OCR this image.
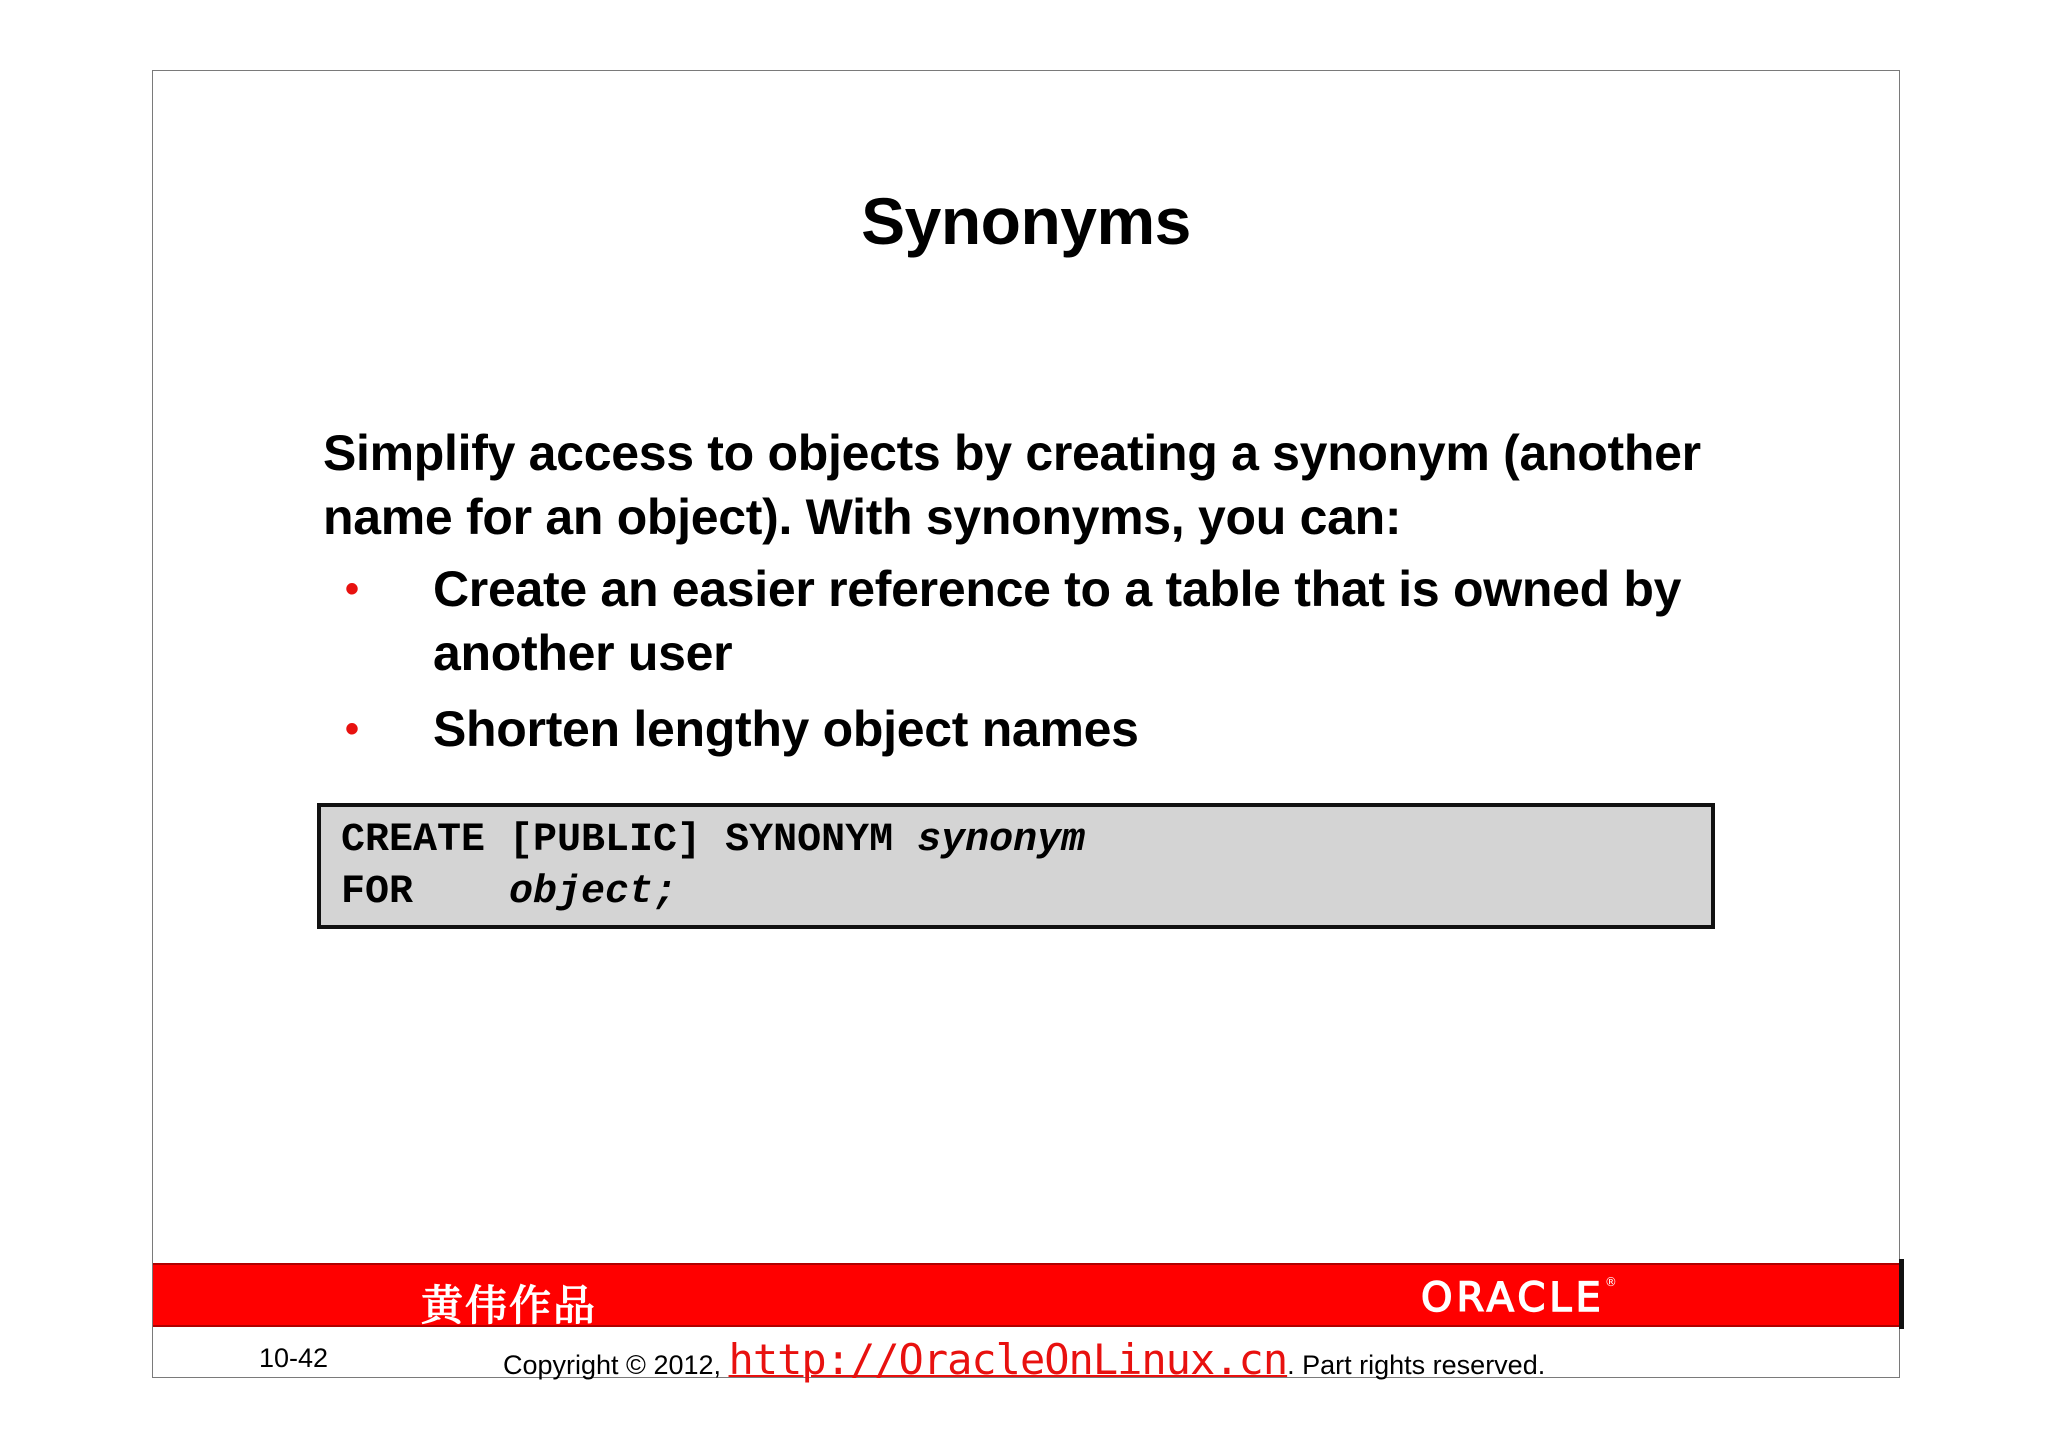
Synonyms

Simplify access to objects by creating a synonym (another name for an object). With synonyms, you can:

• Create an easier reference to a table that is owned by another user
• Shorten lengthy object names
CREATE [PUBLIC] SYNONYM synonym
FOR    object;
黄伟作品	ORACLE®
10-42	Copyright © 2012, http://OracleOnLinux.cn. Part rights reserved.
